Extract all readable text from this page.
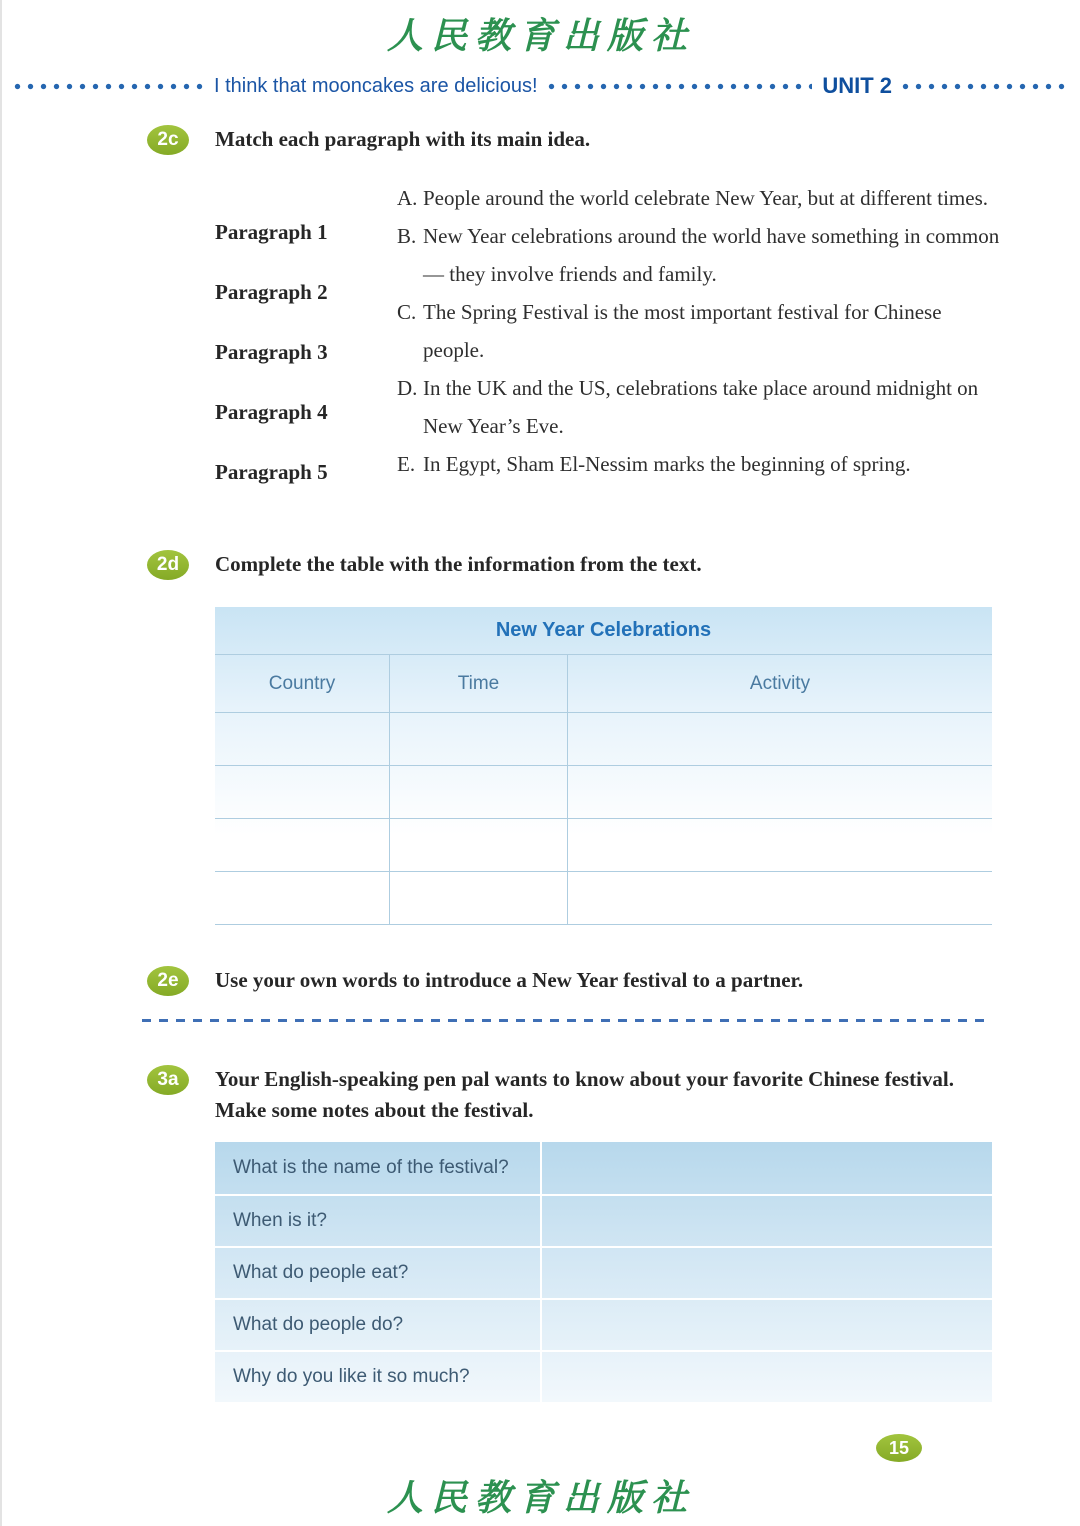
人民教育出版社
I think that mooncakes are delicious!	UNIT 2
2c	Match each paragraph with its main idea.
Paragraph 1
Paragraph 2
Paragraph 3
Paragraph 4
Paragraph 5
A. People around the world celebrate New Year, but at different times.
B. New Year celebrations around the world have something in common — they involve friends and family.
C. The Spring Festival is the most important festival for Chinese people.
D. In the UK and the US, celebrations take place around midnight on New Year’s Eve.
E. In Egypt, Sham El-Nessim marks the beginning of spring.
2d	Complete the table with the information from the text.
New Year Celebrations
Country	Time	Activity
2e	Use your own words to introduce a New Year festival to a partner.
3a	Your English-speaking pen pal wants to know about your favorite Chinese festival. Make some notes about the festival.
What is the name of the festival?
When is it?
What do people eat?
What do people do?
Why do you like it so much?
15
人民教育出版社
